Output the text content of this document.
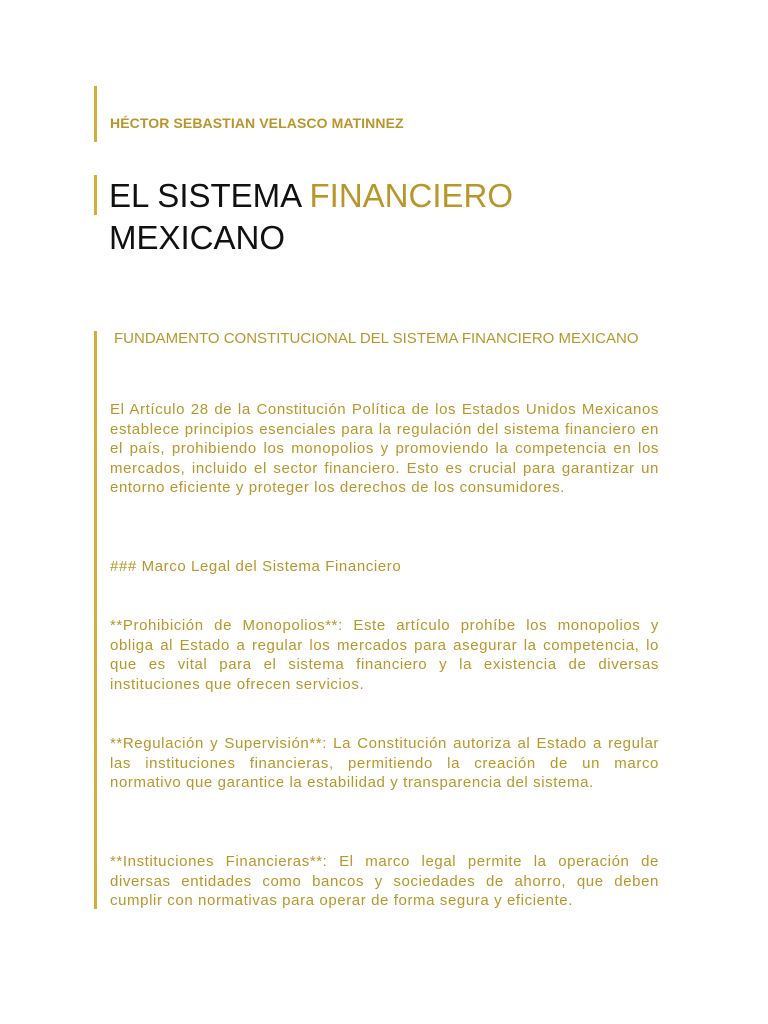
HÉCTOR SEBASTIAN VELASCO MATINNEZ
EL SISTEMA FINANCIERO
MEXICANO
FUNDAMENTO CONSTITUCIONAL DEL SISTEMA FINANCIERO MEXICANO

El Artículo 28 de la Constitución Política de los Estados Unidos Mexicanos establece principios esenciales para la regulación del sistema financiero en el país, prohibiendo los monopolios y promoviendo la competencia en los mercados, incluido el sector financiero. Esto es crucial para garantizar un entorno eficiente y proteger los derechos de los consumidores.

### Marco Legal del Sistema Financiero

**Prohibición de Monopolios**: Este artículo prohíbe los monopolios y obliga al Estado a regular los mercados para asegurar la competencia, lo que es vital para el sistema financiero y la existencia de diversas instituciones que ofrecen servicios.

**Regulación y Supervisión**: La Constitución autoriza al Estado a regular las instituciones financieras, permitiendo la creación de un marco normativo que garantice la estabilidad y transparencia del sistema.

**Instituciones Financieras**: El marco legal permite la operación de diversas entidades como bancos y sociedades de ahorro, que deben cumplir con normativas para operar de forma segura y eficiente.
